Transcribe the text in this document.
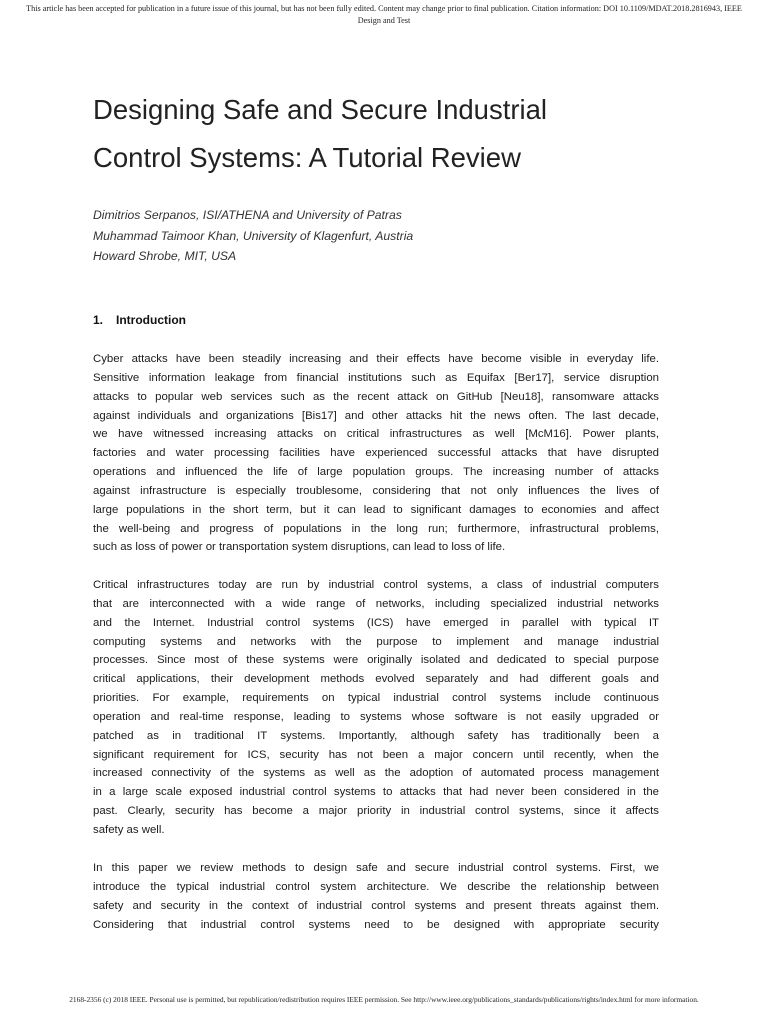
This article has been accepted for publication in a future issue of this journal, but has not been fully edited. Content may change prior to final publication. Citation information: DOI 10.1109/MDAT.2018.2816943, IEEE
Design and Test
Designing Safe and Secure Industrial
Control Systems: A Tutorial Review
Dimitrios Serpanos, ISI/ATHENA and University of Patras
Muhammad Taimoor Khan, University of Klagenfurt, Austria
Howard Shrobe, MIT, USA
1. Introduction
Cyber attacks have been steadily increasing and their effects have become visible in everyday life.
Sensitive information leakage from financial institutions such as Equifax [Ber17], service disruption
attacks to popular web services such as the recent attack on GitHub [Neu18], ransomware attacks
against individuals and organizations [Bis17] and other attacks hit the news often. The last decade,
we have witnessed increasing attacks on critical infrastructures as well [McM16]. Power plants,
factories and water processing facilities have experienced successful attacks that have disrupted
operations and influenced the life of large population groups. The increasing number of attacks
against infrastructure is especially troublesome, considering that not only influences the lives of
large populations in the short term, but it can lead to significant damages to economies and affect
the well-being and progress of populations in the long run; furthermore, infrastructural problems,
such as loss of power or transportation system disruptions, can lead to loss of life.
Critical infrastructures today are run by industrial control systems, a class of industrial computers
that are interconnected with a wide range of networks, including specialized industrial networks
and the Internet. Industrial control systems (ICS) have emerged in parallel with typical IT
computing systems and networks with the purpose to implement and manage industrial
processes. Since most of these systems were originally isolated and dedicated to special purpose
critical applications, their development methods evolved separately and had different goals and
priorities. For example, requirements on typical industrial control systems include continuous
operation and real-time response, leading to systems whose software is not easily upgraded or
patched as in traditional IT systems. Importantly, although safety has traditionally been a
significant requirement for ICS, security has not been a major concern until recently, when the
increased connectivity of the systems as well as the adoption of automated process management
in a large scale exposed industrial control systems to attacks that had never been considered in the
past. Clearly, security has become a major priority in industrial control systems, since it affects
safety as well.
In this paper we review methods to design safe and secure industrial control systems. First, we
introduce the typical industrial control system architecture. We describe the relationship between
safety and security in the context of industrial control systems and present threats against them.
Considering that industrial control systems need to be designed with appropriate security
2168-2356 (c) 2018 IEEE. Personal use is permitted, but republication/redistribution requires IEEE permission. See http://www.ieee.org/publications_standards/publications/rights/index.html for more information.
